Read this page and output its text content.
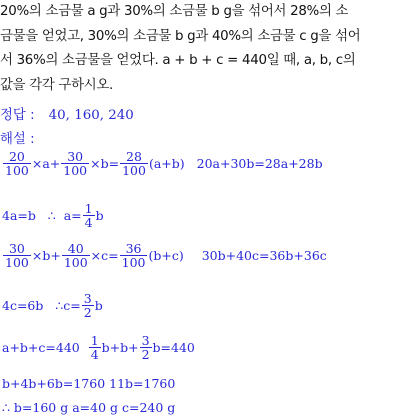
20%의 소금물 a g과 30%의 소금물 b g을 섞어서 28%의 소
금물을 얻었고, 30%의 소금물 b g과 40%의 소금물 c g을 섞어
서 36%의 소금물을 얻었다. a + b + c = 440일 때, a, b, c의
값을 각각 구하시오.
정답 : 40, 160, 240
해설 :
$\frac{20}{100} \times a+ \frac{30}{100} \times b= \frac{28}{100} (a+b)$ 20a+30b=28a+28b
4a=b   ∴  $a= \frac{1}{4}$ b
$\frac{30}{100} \times b+ \frac{40}{100} \times c= \frac{36}{100} (b+c)$ 30b+40c=36b+36c
4c=6b   ∴c= $\frac{3}{2}$ b
$a+b+c=440 \frac{1}{4} b+b+ \frac{3}{2} b=440$
b+4b+6b=1760 11b=1760
∴ b=160 g a=40 g c=240 g
